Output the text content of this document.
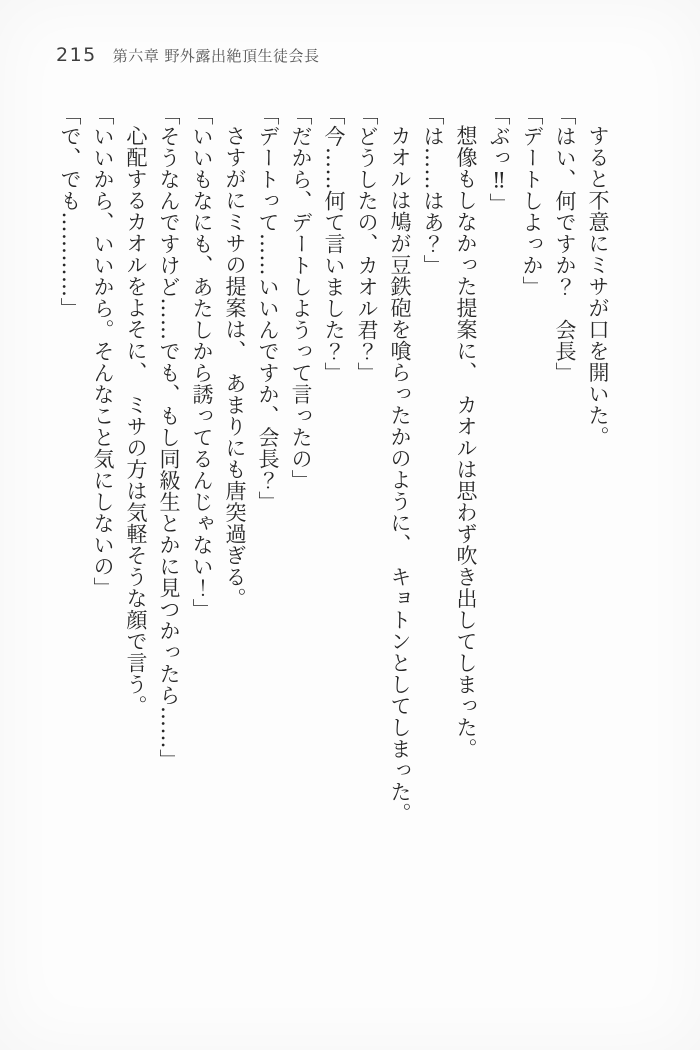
215 第六章 野外露出絶頂生徒会長

すると不意にミサが口を開いた。

「はい、何ですか？　会長」

「デートしよっか」

「ぶっ‼」

想像もしなかった提案に、　カオルは思わず吹き出してしまった。

「は……はあ？」

カオルは鳩が豆鉄砲を喰らったかのように、　キョトンとしてしまった。

「どうしたの、カオル君？」

「今……何て言いました？」

「だから、デートしようって言ったの」

「デートって……いいんですか、会長？」

さすがにミサの提案は、　あまりにも唐突過ぎる。

「いいもなにも、あたしから誘ってるんじゃない！」

「そうなんですけど……でも、もし同級生とかに見つかったら……」

心配するカオルをよそに、　ミサの方は気軽そうな顔で言う。

「いいから、いいから。そんなこと気にしないの」

「で、でも…………」
